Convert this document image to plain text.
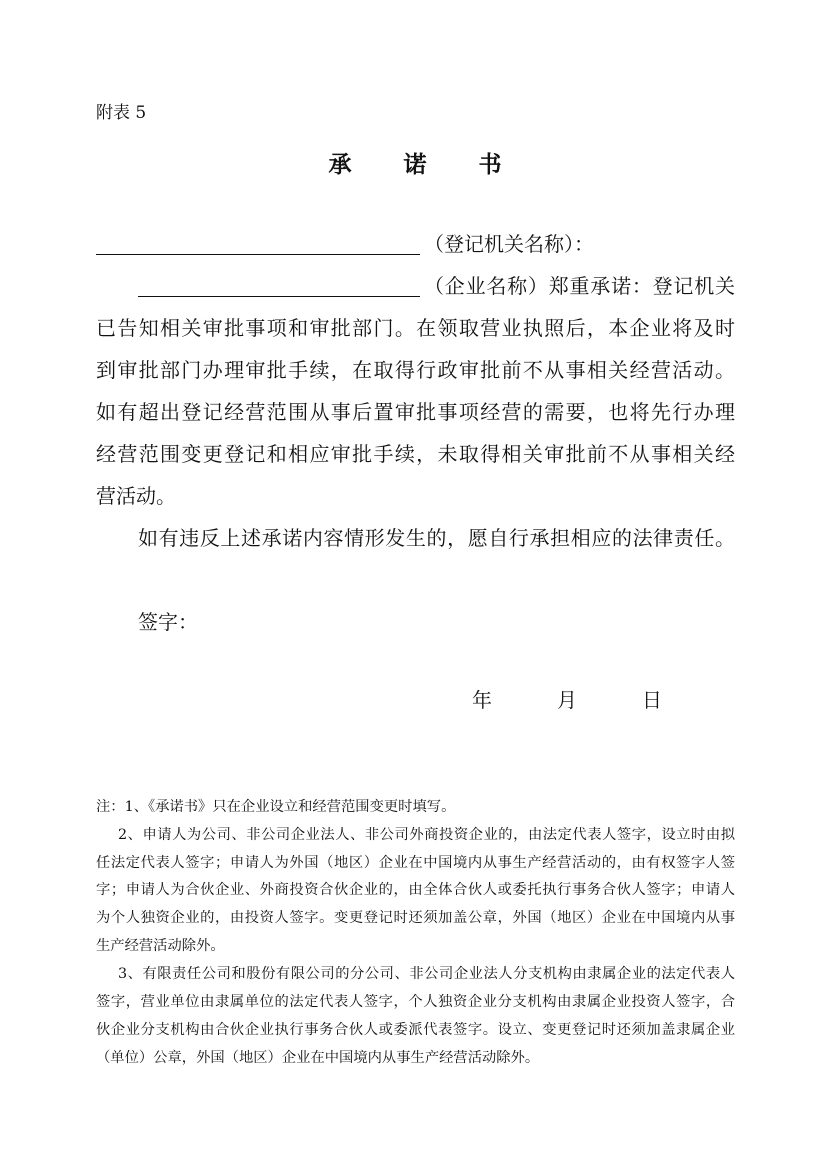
附表 5
承 诺 书
（登记机关名称）：
（企业名称）郑重承诺：登记机关
已告知相关审批事项和审批部门。在领取营业执照后，本企业将及时
到审批部门办理审批手续，在取得行政审批前不从事相关经营活动。
如有超出登记经营范围从事后置审批事项经营的需要，也将先行办理
经营范围变更登记和相应审批手续，未取得相关审批前不从事相关经
营活动。
如有违反上述承诺内容情形发生的，愿自行承担相应的法律责任。
签字：
年	月	日
注：1、《承诺书》只在企业设立和经营范围变更时填写。
2、申请人为公司、非公司企业法人、非公司外商投资企业的，由法定代表人签字，设立时由拟
任法定代表人签字；申请人为外国（地区）企业在中国境内从事生产经营活动的，由有权签字人签
字；申请人为合伙企业、外商投资合伙企业的，由全体合伙人或委托执行事务合伙人签字；申请人
为个人独资企业的，由投资人签字。变更登记时还须加盖公章，外国（地区）企业在中国境内从事
生产经营活动除外。
3、有限责任公司和股份有限公司的分公司、非公司企业法人分支机构由隶属企业的法定代表人
签字，营业单位由隶属单位的法定代表人签字，个人独资企业分支机构由隶属企业投资人签字，合
伙企业分支机构由合伙企业执行事务合伙人或委派代表签字。设立、变更登记时还须加盖隶属企业
（单位）公章，外国（地区）企业在中国境内从事生产经营活动除外。
